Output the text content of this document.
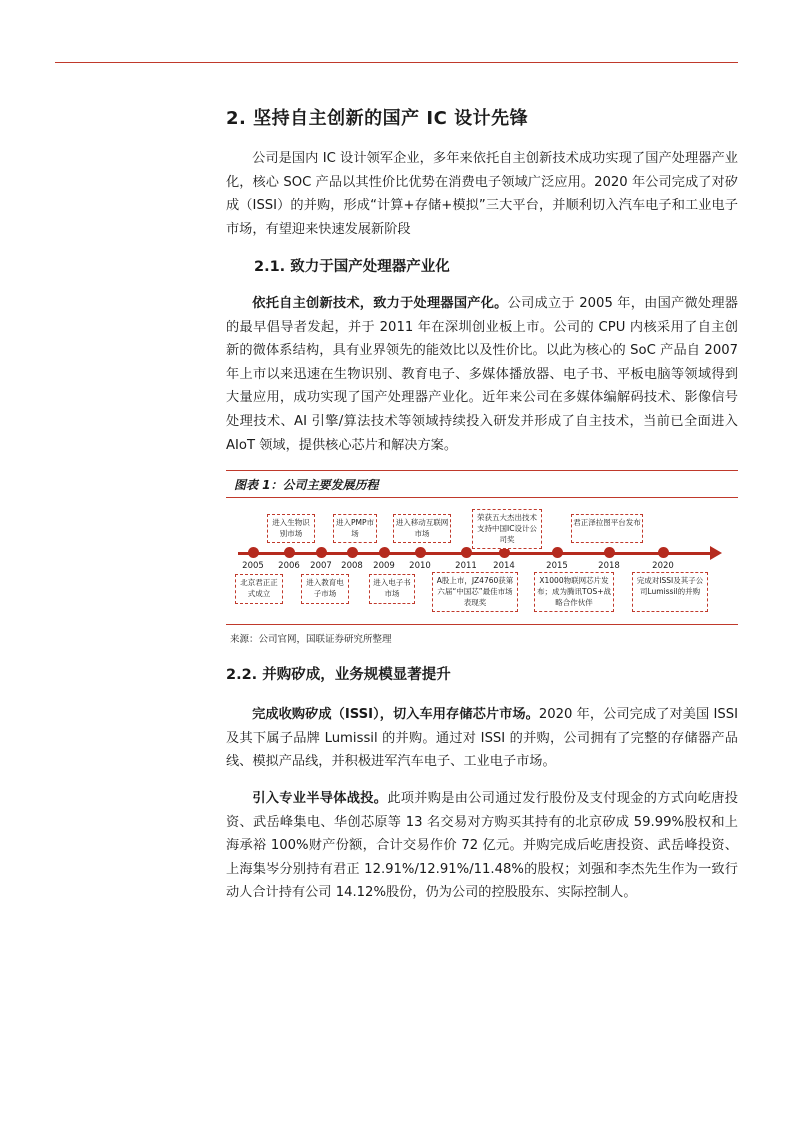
2. 坚持自主创新的国产 IC 设计先锋
公司是国内 IC 设计领军企业，多年来依托自主创新技术成功实现了国产处理器产业化，核心 SOC 产品以其性价比优势在消费电子领域广泛应用。2020 年公司完成了对矽成（ISSI）的并购，形成“计算+存储+模拟”三大平台，并顺利切入汽车电子和工业电子市场，有望迎来快速发展新阶段
2.1. 致力于国产处理器产业化
依托自主创新技术，致力于处理器国产化。公司成立于 2005 年，由国产微处理器的最早倡导者发起，并于 2011 年在深圳创业板上市。公司的 CPU 内核采用了自主创新的微体系结构，具有业界领先的能效比以及性价比。以此为核心的 SoC 产品自 2007 年上市以来迅速在生物识别、教育电子、多媒体播放器、电子书、平板电脑等领域得到大量应用，成功实现了国产处理器产业化。近年来公司在多媒体编解码技术、影像信号处理技术、AI 引擎/算法技术等领域持续投入研发并形成了自主技术，当前已全面进入 AIoT 领域，提供核心芯片和解决方案。
图表 1：公司主要发展历程
2005	2006	2007	2008	2009	2010	2011	2014	2015	2018	2020
进入生物识别市场
进入PMP市场
进入移动互联网市场
荣获五大杰出技术支持中国IC设计公司奖
君正泽拉图平台发布
北京君正正式成立
进入教育电子市场
进入电子书市场
A股上市，JZ4760获第六届“中国芯”最佳市场表现奖
X1000物联网芯片发布；成为腾讯TOS+战略合作伙伴
完成对ISSI及其子公司Lumissil的并购
来源：公司官网，国联证券研究所整理
2.2. 并购矽成，业务规模显著提升
完成收购矽成（ISSI），切入车用存储芯片市场。2020 年，公司完成了对美国 ISSI 及其下属子品牌 Lumissil 的并购。通过对 ISSI 的并购，公司拥有了完整的存储器产品线、模拟产品线，并积极进军汽车电子、工业电子市场。
引入专业半导体战投。此项并购是由公司通过发行股份及支付现金的方式向屹唐投资、武岳峰集电、华创芯原等 13 名交易对方购买其持有的北京矽成 59.99%股权和上海承裕 100%财产份额，合计交易作价 72 亿元。并购完成后屹唐投资、武岳峰投资、上海集岑分别持有君正 12.91%/12.91%/11.48%的股权；刘强和李杰先生作为一致行动人合计持有公司 14.12%股份，仍为公司的控股股东、实际控制人。
